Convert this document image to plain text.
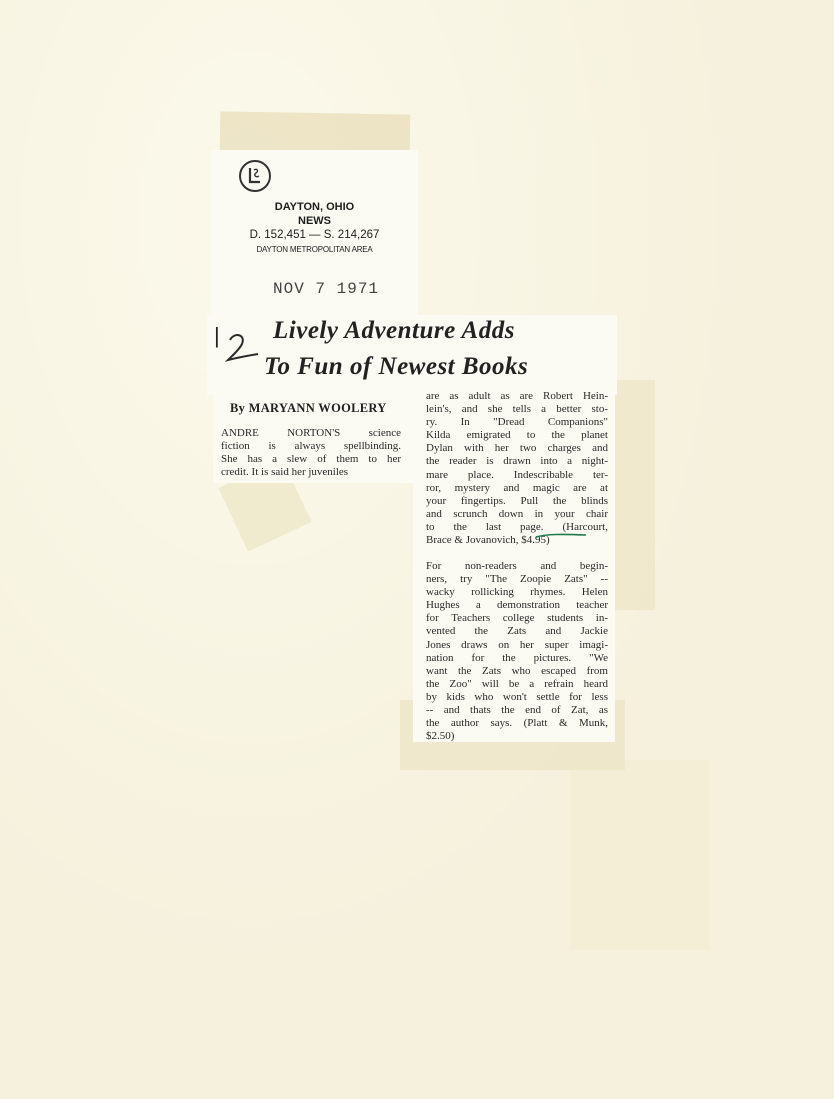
DAYTON, OHIO
NEWS
D. 152,451 — S. 214,267
DAYTON METROPOLITAN AREA
NOV 7 1971
|	2 Lively Adventure Adds
To Fun of Newest Books
By MARYANN WOOLERY
ANDRE NORTON'S science
fiction is always spellbinding.
She has a slew of them to her
credit. It is said her juveniles
are as adult as are Robert Hein-
lein's, and she tells a better sto-
ry. In "Dread Companions"
Kilda emigrated to the planet
Dylan with her two charges and
the reader is drawn into a night-
mare place. Indescribable ter-
ror, mystery and magic are at
your fingertips. Pull the blinds
and scrunch down in your chair
to the last page. (Harcourt,
Brace & Jovanovich, $4.95)
For non-readers and begin-
ners, try "The Zoopie Zats" --
wacky rollicking rhymes. Helen
Hughes a demonstration teacher
for Teachers college students in-
vented the Zats and Jackie
Jones draws on her super imagi-
nation for the pictures. "We
want the Zats who escaped from
the Zoo" will be a refrain heard
by kids who won't settle for less
-- and thats the end of Zat, as
the author says. (Platt & Munk,
$2.50)
